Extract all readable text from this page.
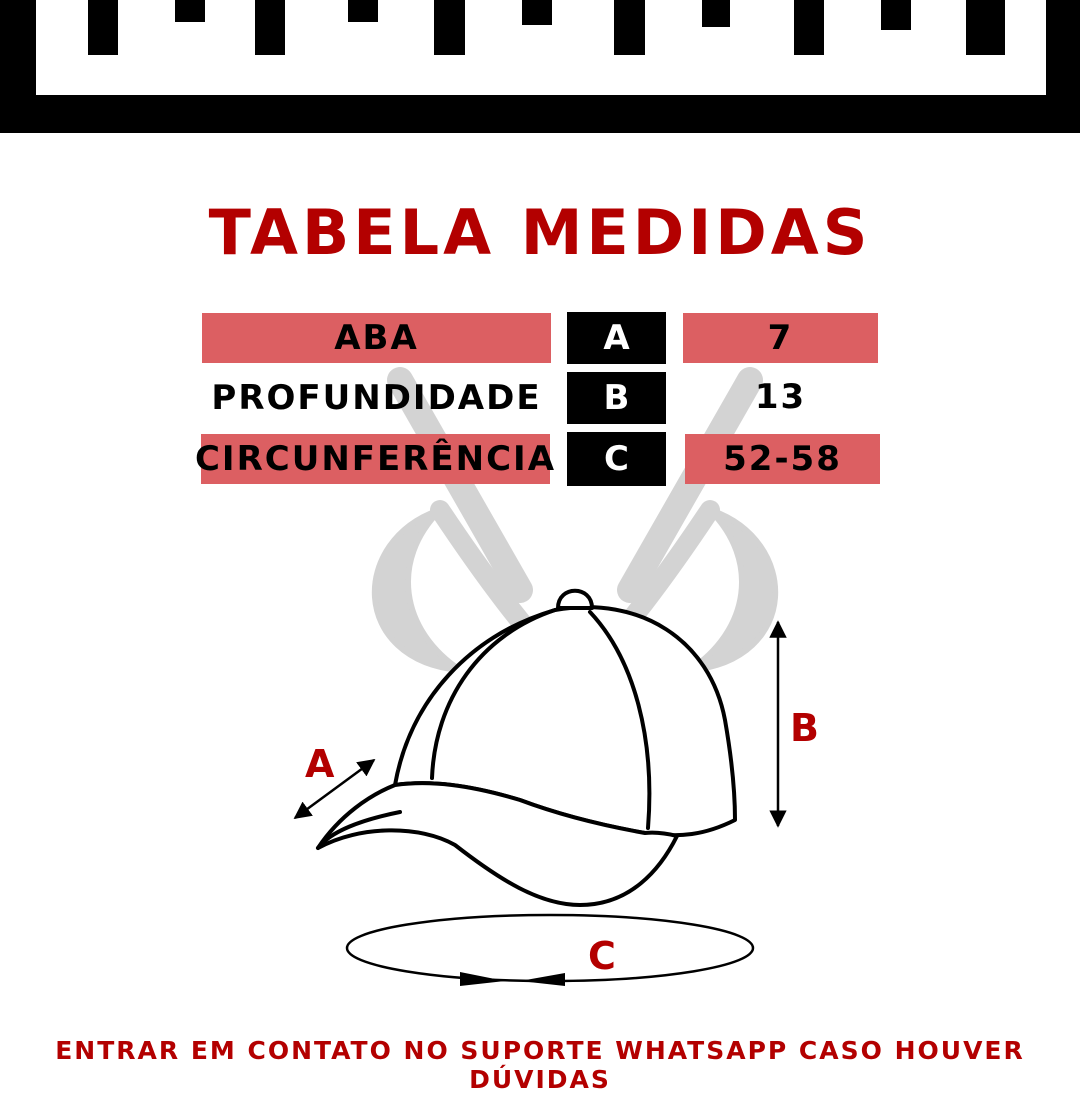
TABELA MEDIDAS
ABA	A	7
PROFUNDIDADE	B	13
CIRCUNFERÊNCIA	C	52-58
A
B
C
ENTRAR EM CONTATO NO SUPORTE WHATSAPP CASO HOUVER DÚVIDAS
